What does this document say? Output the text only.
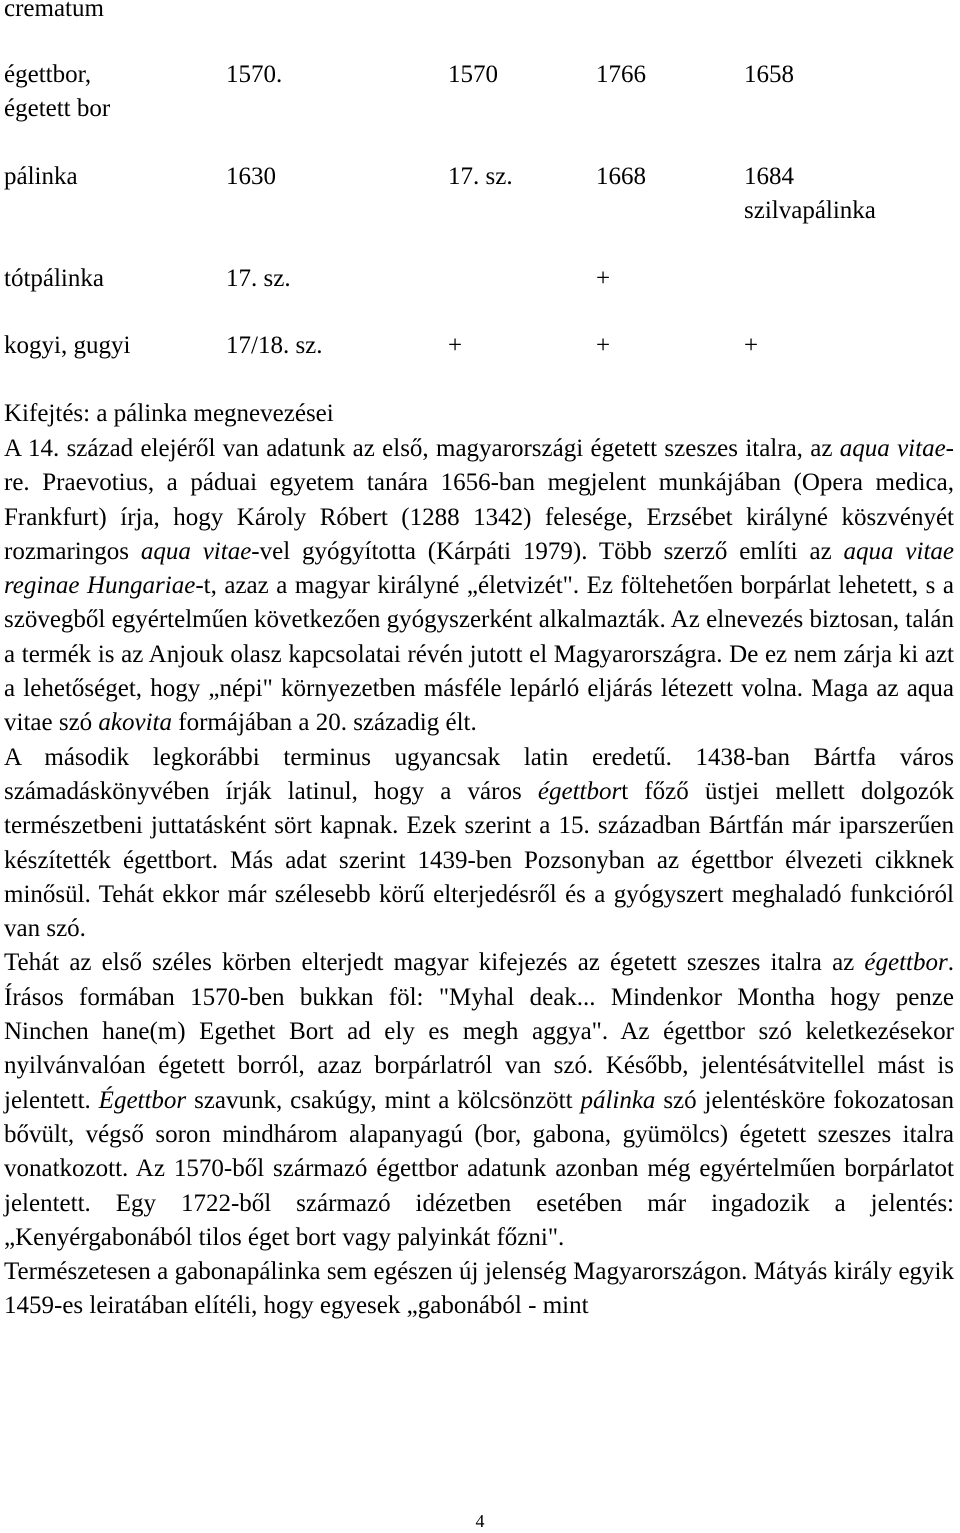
crematum
égettbor,
égetett bor	1570.	1570	1766	1658
pálinka	1630	17. sz.	1668	1684
szilvapálinka

tótpálinka	17. sz.		+	
kogyi, gugyi	17/18. sz.	+	+	+

Kifejtés: a pálinka megnevezései

A 14. század elejéről van adatunk az első, magyarországi égetett szeszes italra, az aqua vitae-re. Praevotius, a páduai egyetem tanára 1656-ban megjelent munkájában (Opera medica, Frankfurt) írja, hogy Károly Róbert (1288 1342) felesége, Erzsébet királyné köszvényét rozmaringos aqua vitae-vel gyógyította (Kárpáti 1979). Több szerző említi az aqua vitae reginae Hungariae-t, azaz a magyar királyné „életvizét". Ez föltehetően borpárlat lehetett, s a szövegből egyértelműen következően gyógyszerként alkalmazták. Az elnevezés biztosan, talán a termék is az Anjouk olasz kapcsolatai révén jutott el Magyarországra. De ez nem zárja ki azt a lehetőséget, hogy „népi" környezetben másféle lepárló eljárás létezett volna. Maga az aqua vitae szó akovita formájában a 20. századig élt.

A második legkorábbi terminus ugyancsak latin eredetű. 1438-ban Bártfa város számadáskönyvében írják latinul, hogy a város égettbort főző üstjei mellett dolgozók természetbeni juttatásként sört kapnak. Ezek szerint a 15. században Bártfán már iparszerűen készítették égettbort. Más adat szerint 1439-ben Pozsonyban az égettbor élvezeti cikknek minősül. Tehát ekkor már szélesebb körű elterjedésről és a gyógyszert meghaladó funkcióról van szó.

Tehát az első széles körben elterjedt magyar kifejezés az égetett szeszes italra az égettbor. Írásos formában 1570-ben bukkan föl: "Myhal deak... Mindenkor Montha hogy penze Ninchen hane(m) Egethet Bort ad ely es megh aggya". Az égettbor szó keletkezésekor nyilvánvalóan égetett borról, azaz borpárlatról van szó. Később, jelentésátvitellel mást is jelentett. Égettbor szavunk, csakúgy, mint a kölcsönzött pálinka szó jelentésköre fokozatosan bővült, végső soron mindhárom alapanyagú (bor, gabona, gyümölcs) égetett szeszes italra vonatkozott. Az 1570-ből származó égettbor adatunk azonban még egyértelműen borpárlatot jelentett. Egy 1722-ből származó idézetben esetében már ingadozik a jelentés: „Kenyérgabonából tilos éget bort vagy palyinkát főzni".

Természetesen a gabonapálinka sem egészen új jelenség Magyarországon. Mátyás király egyik 1459-es leiratában elítéli, hogy egyesek „gabonából - mint

4
